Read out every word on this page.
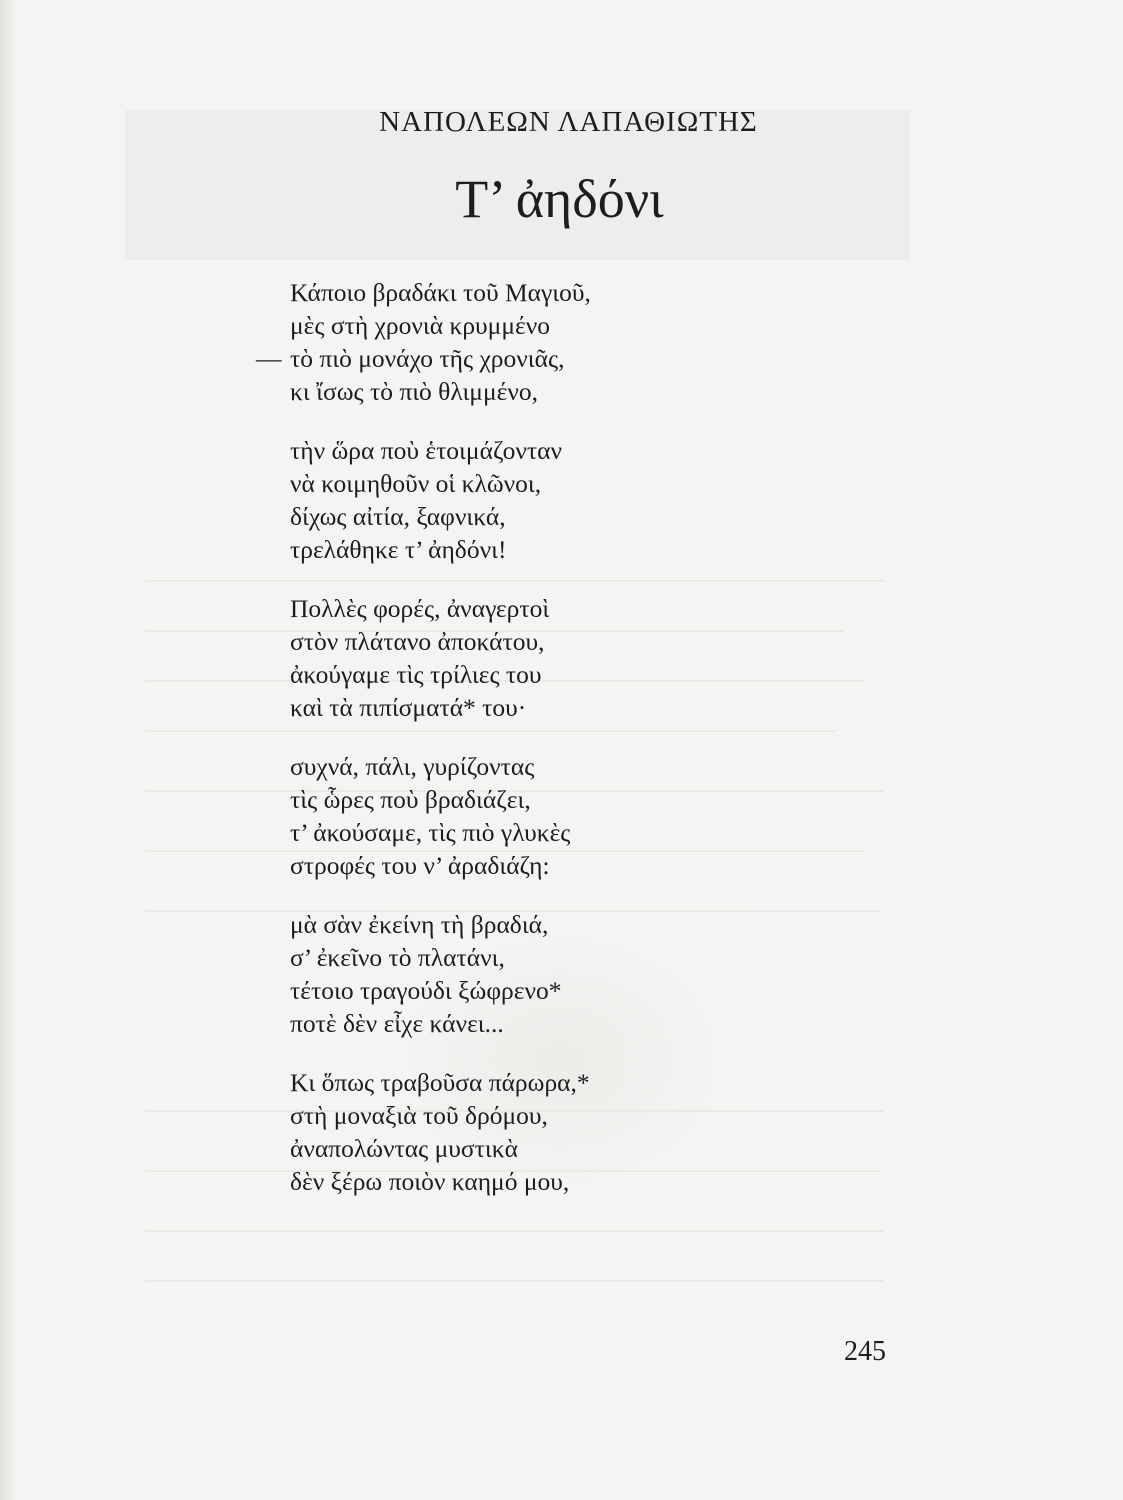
ΝΑΠΟΛΕΩΝ ΛΑΠΑΘΙΩΤΗΣ
Τ’ ἀηδόνι
Κάποιο βραδάκι τοῦ Μαγιοῦ,
μὲς στὴ χρονιὰ κρυμμένο
— τὸ πιὸ μονάχο τῆς χρονιᾶς,
κι ἴσως τὸ πιὸ θλιμμένο,
τὴν ὥρα ποὺ ἑτοιμάζονταν
νὰ κοιμηθοῦν οἱ κλῶνοι,
δίχως αἰτία, ξαφνικά,
τρελάθηκε τ’ ἀηδόνι!
Πολλὲς φορές, ἀναγερτοὶ
στὸν πλάτανο ἀποκάτου,
ἀκούγαμε τὶς τρίλιες του
καὶ τὰ πιπίσματά* του·
συχνά, πάλι, γυρίζοντας
τὶς ὧρες ποὺ βραδιάζει,
τ’ ἀκούσαμε, τὶς πιὸ γλυκὲς
στροφές του ν’ ἀραδιάζη:
μὰ σὰν ἐκείνη τὴ βραδιά,
σ’ ἐκεῖνο τὸ πλατάνι,
τέτοιο τραγούδι ξώφρενο*
ποτὲ δὲν εἶχε κάνει...
Κι ὅπως τραβοῦσα πάρωρα,*
στὴ μοναξιὰ τοῦ δρόμου,
ἀναπολώντας μυστικὰ
δὲν ξέρω ποιὸν καημό μου,
245
